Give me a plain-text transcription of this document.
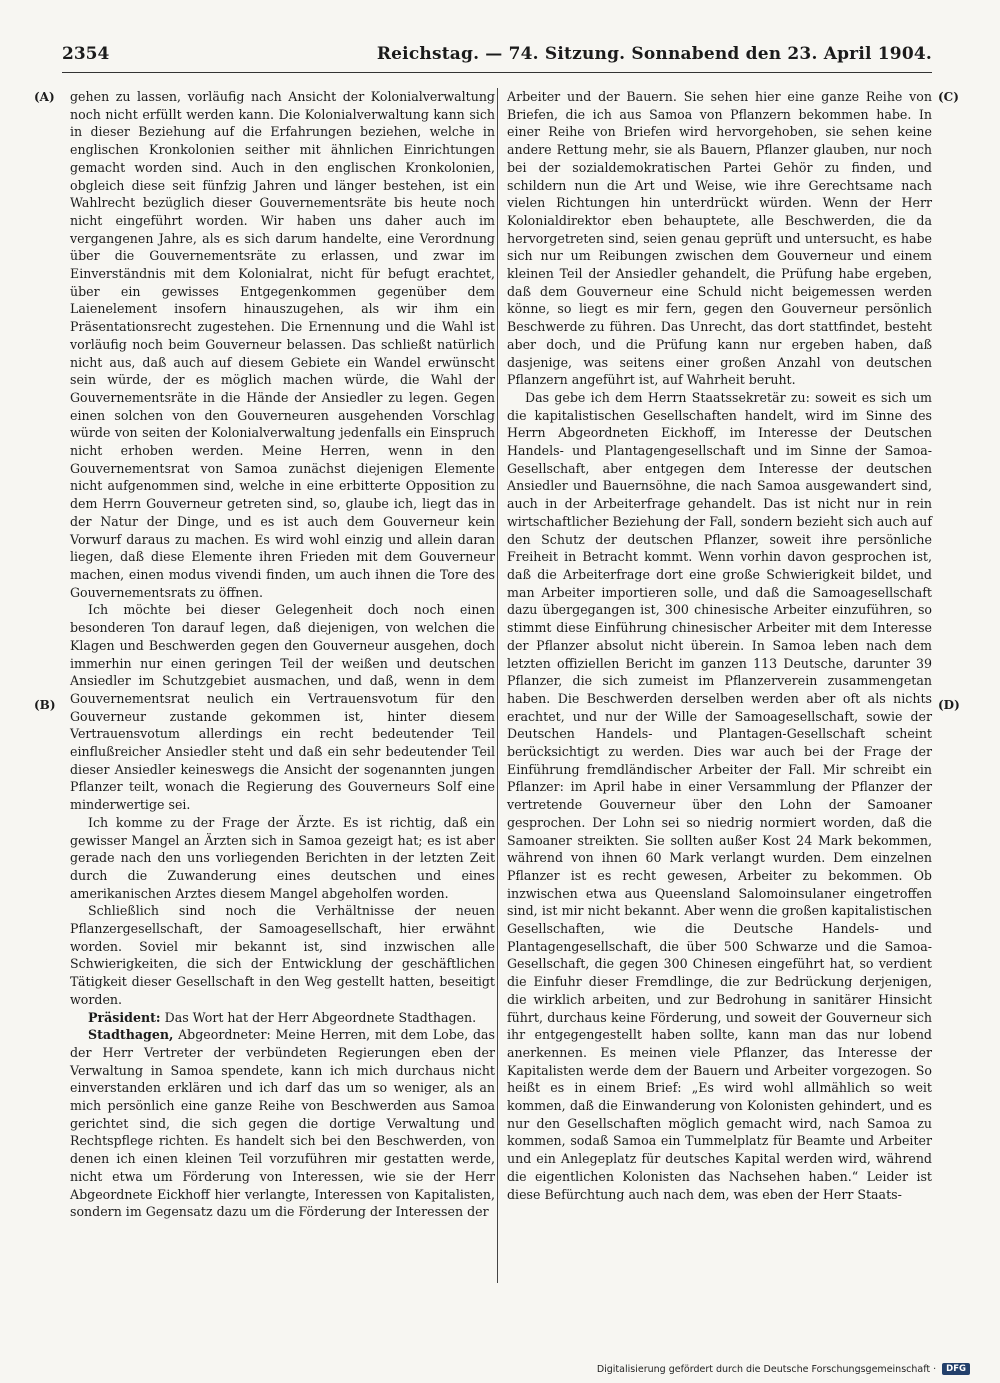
2354	Reichstag. — 74. Sitzung. Sonnabend den 23. April 1904.
(A)
(B)
(C)
(D)

gehen zu lassen, vorläufig nach Ansicht der Kolonialverwaltung noch nicht erfüllt werden kann. Die Kolonialverwaltung kann sich in dieser Beziehung auf die Erfahrungen beziehen, welche in englischen Kronkolonien seither mit ähnlichen Einrichtungen gemacht worden sind. Auch in den englischen Kronkolonien, obgleich diese seit fünfzig Jahren und länger bestehen, ist ein Wahlrecht bezüglich dieser Gouvernementsräte bis heute noch nicht eingeführt worden. Wir haben uns daher auch im vergangenen Jahre, als es sich darum handelte, eine Verordnung über die Gouvernementsräte zu erlassen, und zwar im Einverständnis mit dem Kolonialrat, nicht für befugt erachtet, über ein gewisses Entgegenkommen gegenüber dem Laienelement insofern hinauszugehen, als wir ihm ein Präsentationsrecht zugestehen. Die Ernennung und die Wahl ist vorläufig noch beim Gouverneur belassen. Das schließt natürlich nicht aus, daß auch auf diesem Gebiete ein Wandel erwünscht sein würde, der es möglich machen würde, die Wahl der Gouvernementsräte in die Hände der Ansiedler zu legen. Gegen einen solchen von den Gouverneuren ausgehenden Vorschlag würde von seiten der Kolonialverwaltung jedenfalls ein Einspruch nicht erhoben werden. Meine Herren, wenn in den Gouvernementsrat von Samoa zunächst diejenigen Elemente nicht aufgenommen sind, welche in eine erbitterte Opposition zu dem Herrn Gouverneur getreten sind, so, glaube ich, liegt das in der Natur der Dinge, und es ist auch dem Gouverneur kein Vorwurf daraus zu machen. Es wird wohl einzig und allein daran liegen, daß diese Elemente ihren Frieden mit dem Gouverneur machen, einen modus vivendi finden, um auch ihnen die Tore des Gouvernementsrats zu öffnen.

Ich möchte bei dieser Gelegenheit doch noch einen besonderen Ton darauf legen, daß diejenigen, von welchen die Klagen und Beschwerden gegen den Gouverneur ausgehen, doch immerhin nur einen geringen Teil der weißen und deutschen Ansiedler im Schutzgebiet ausmachen, und daß, wenn in dem Gouvernementsrat neulich ein Vertrauensvotum für den Gouverneur zustande gekommen ist, hinter diesem Vertrauensvotum allerdings ein recht bedeutender Teil einflußreicher Ansiedler steht und daß ein sehr bedeutender Teil dieser Ansiedler keineswegs die Ansicht der sogenannten jungen Pflanzer teilt, wonach die Regierung des Gouverneurs Solf eine minderwertige sei.

Ich komme zu der Frage der Ärzte. Es ist richtig, daß ein gewisser Mangel an Ärzten sich in Samoa gezeigt hat; es ist aber gerade nach den uns vorliegenden Berichten in der letzten Zeit durch die Zuwanderung eines deutschen und eines amerikanischen Arztes diesem Mangel abgeholfen worden.

Schließlich sind noch die Verhältnisse der neuen Pflanzergesellschaft, der Samoagesellschaft, hier erwähnt worden. Soviel mir bekannt ist, sind inzwischen alle Schwierigkeiten, die sich der Entwicklung der geschäftlichen Tätigkeit dieser Gesellschaft in den Weg gestellt hatten, beseitigt worden.

Präsident: Das Wort hat der Herr Abgeordnete Stadthagen.

Stadthagen, Abgeordneter: Meine Herren, mit dem Lobe, das der Herr Vertreter der verbündeten Regierungen eben der Verwaltung in Samoa spendete, kann ich mich durchaus nicht einverstanden erklären und ich darf das um so weniger, als an mich persönlich eine ganze Reihe von Beschwerden aus Samoa gerichtet sind, die sich gegen die dortige Verwaltung und Rechtspflege richten. Es handelt sich bei den Beschwerden, von denen ich einen kleinen Teil vorzuführen mir gestatten werde, nicht etwa um Förderung von Interessen, wie sie der Herr Abgeordnete Eickhoff hier verlangte, Interessen von Kapitalisten, sondern im Gegensatz dazu um die Förderung der Interessen der

Arbeiter und der Bauern. Sie sehen hier eine ganze Reihe von Briefen, die ich aus Samoa von Pflanzern bekommen habe. In einer Reihe von Briefen wird hervorgehoben, sie sehen keine andere Rettung mehr, sie als Bauern, Pflanzer glauben, nur noch bei der sozialdemokratischen Partei Gehör zu finden, und schildern nun die Art und Weise, wie ihre Gerechtsame nach vielen Richtungen hin unterdrückt würden. Wenn der Herr Kolonialdirektor eben behauptete, alle Beschwerden, die da hervorgetreten sind, seien genau geprüft und untersucht, es habe sich nur um Reibungen zwischen dem Gouverneur und einem kleinen Teil der Ansiedler gehandelt, die Prüfung habe ergeben, daß dem Gouverneur eine Schuld nicht beigemessen werden könne, so liegt es mir fern, gegen den Gouverneur persönlich Beschwerde zu führen. Das Unrecht, das dort stattfindet, besteht aber doch, und die Prüfung kann nur ergeben haben, daß dasjenige, was seitens einer großen Anzahl von deutschen Pflanzern angeführt ist, auf Wahrheit beruht.

Das gebe ich dem Herrn Staatssekretär zu: soweit es sich um die kapitalistischen Gesellschaften handelt, wird im Sinne des Herrn Abgeordneten Eickhoff, im Interesse der Deutschen Handels- und Plantagengesellschaft und im Sinne der Samoa-Gesellschaft, aber entgegen dem Interesse der deutschen Ansiedler und Bauernsöhne, die nach Samoa ausgewandert sind, auch in der Arbeiterfrage gehandelt. Das ist nicht nur in rein wirtschaftlicher Beziehung der Fall, sondern bezieht sich auch auf den Schutz der deutschen Pflanzer, soweit ihre persönliche Freiheit in Betracht kommt. Wenn vorhin davon gesprochen ist, daß die Arbeiterfrage dort eine große Schwierigkeit bildet, und man Arbeiter importieren solle, und daß die Samoagesellschaft dazu übergegangen ist, 300 chinesische Arbeiter einzuführen, so stimmt diese Einführung chinesischer Arbeiter mit dem Interesse der Pflanzer absolut nicht überein. In Samoa leben nach dem letzten offiziellen Bericht im ganzen 113 Deutsche, darunter 39 Pflanzer, die sich zumeist im Pflanzerverein zusammengetan haben. Die Beschwerden derselben werden aber oft als nichts erachtet, und nur der Wille der Samoagesellschaft, sowie der Deutschen Handels- und Plantagen-Gesellschaft scheint berücksichtigt zu werden. Dies war auch bei der Frage der Einführung fremdländischer Arbeiter der Fall. Mir schreibt ein Pflanzer: im April habe in einer Versammlung der Pflanzer der vertretende Gouverneur über den Lohn der Samoaner gesprochen. Der Lohn sei so niedrig normiert worden, daß die Samoaner streikten. Sie sollten außer Kost 24 Mark bekommen, während von ihnen 60 Mark verlangt wurden. Dem einzelnen Pflanzer ist es recht gewesen, Arbeiter zu bekommen. Ob inzwischen etwa aus Queensland Salomoinsulaner eingetroffen sind, ist mir nicht bekannt. Aber wenn die großen kapitalistischen Gesellschaften, wie die Deutsche Handels- und Plantagengesellschaft, die über 500 Schwarze und die Samoa-Gesellschaft, die gegen 300 Chinesen eingeführt hat, so verdient die Einfuhr dieser Fremdlinge, die zur Bedrückung derjenigen, die wirklich arbeiten, und zur Bedrohung in sanitärer Hinsicht führt, durchaus keine Förderung, und soweit der Gouverneur sich ihr entgegengestellt haben sollte, kann man das nur lobend anerkennen. Es meinen viele Pflanzer, das Interesse der Kapitalisten werde dem der Bauern und Arbeiter vorgezogen. So heißt es in einem Brief: „Es wird wohl allmählich so weit kommen, daß die Einwanderung von Kolonisten gehindert, und es nur den Gesellschaften möglich gemacht wird, nach Samoa zu kommen, sodaß Samoa ein Tummelplatz für Beamte und Arbeiter und ein Anlegeplatz für deutsches Kapital werden wird, während die eigentlichen Kolonisten das Nachsehen haben.“ Leider ist diese Befürchtung auch nach dem, was eben der Herr Staats-

Digitalisierung gefördert durch die Deutsche Forschungsgemeinschaft ·	DFG
